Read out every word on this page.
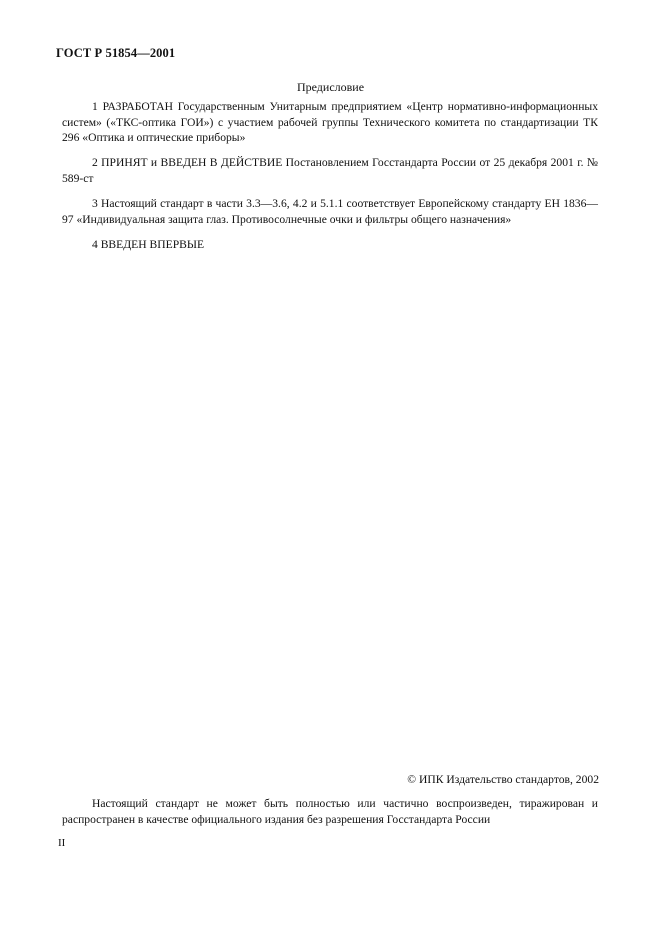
ГОСТ Р 51854—2001
Предисловие
1 РАЗРАБОТАН Государственным Унитарным предприятием «Центр нормативно-информационных систем» («ТКС-оптика ГОИ») с участием рабочей группы Технического комитета по стандартизации ТК 296 «Оптика и оптические приборы»
2 ПРИНЯТ и ВВЕДЕН В ДЕЙСТВИЕ Постановлением Госстандарта России от 25 декабря 2001 г. № 589-ст
3 Настоящий стандарт в части 3.3—3.6, 4.2 и 5.1.1 соответствует Европейскому стандарту ЕН 1836—97 «Индивидуальная защита глаз. Противосолнечные очки и фильтры общего назначения»
4 ВВЕДЕН ВПЕРВЫЕ
© ИПК Издательство стандартов, 2002
Настоящий стандарт не может быть полностью или частично воспроизведен, тиражирован и распространен в качестве официального издания без разрешения Госстандарта России
II
